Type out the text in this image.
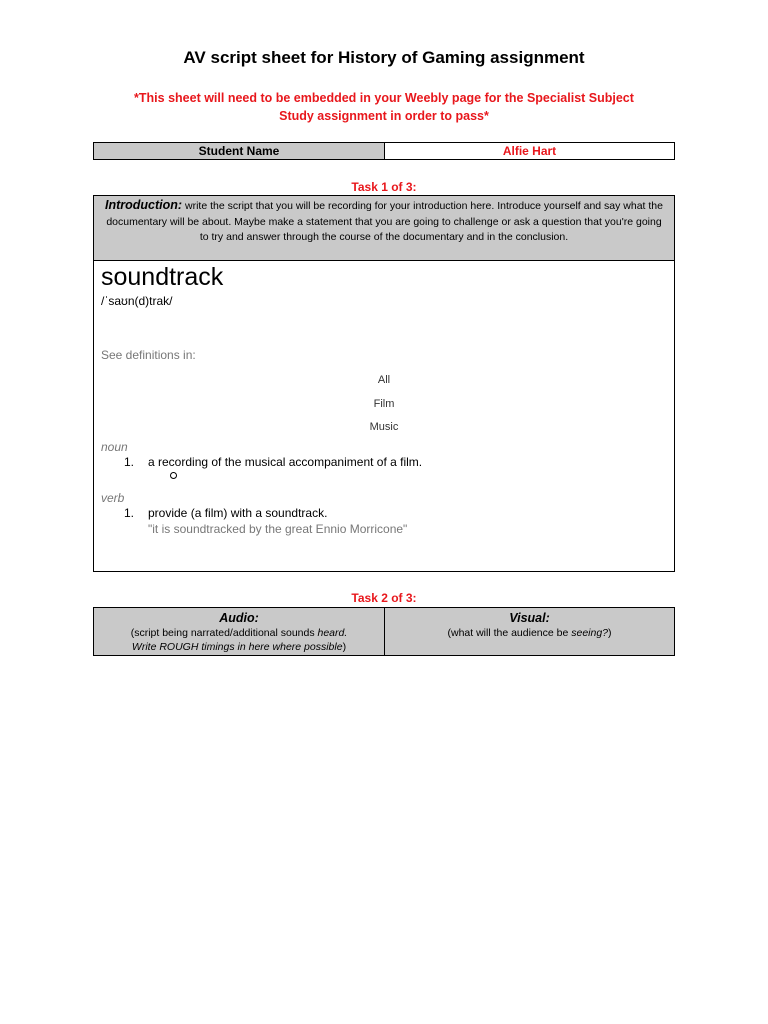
AV script sheet for History of Gaming assignment
*This sheet will need to be embedded in your Weebly page for the Specialist Subject
Study assignment in order to pass*
Student Name	Alfie Hart
Task 1 of 3:
Introduction: write the script that you will be recording for your introduction here. Introduce yourself and say what the documentary will be about. Maybe make a statement that you are going to challenge or ask a question that you're going to try and answer through the course of the documentary and in the conclusion.
soundtrack
/ˈsaʊn(d)trak/
See definitions in:
All
Film
Music
noun
1. a recording of the musical accompaniment of a film.
verb
1. provide (a film) with a soundtrack.
"it is soundtracked by the great Ennio Morricone"
Task 2 of 3:
Audio:
(script being narrated/additional sounds heard.
Write ROUGH timings in here where possible)
Visual:
(what will the audience be seeing?)
